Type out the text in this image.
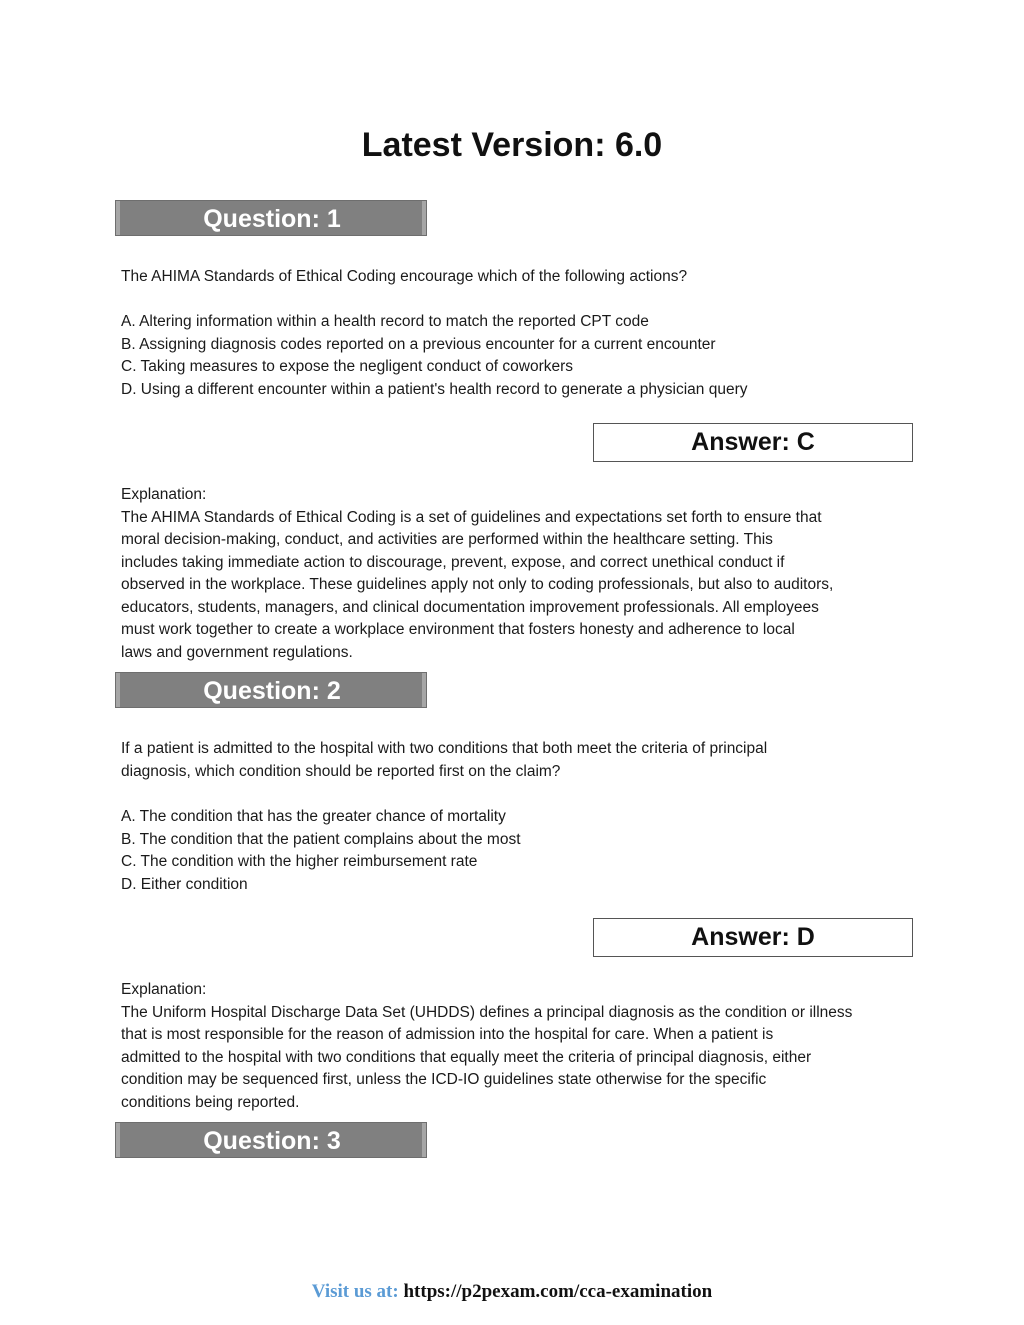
Latest Version: 6.0
Question: 1

The AHIMA Standards of Ethical Coding encourage which of the following actions?

A. Altering information within a health record to match the reported CPT code

B. Assigning diagnosis codes reported on a previous encounter for a current encounter

C. Taking measures to expose the negligent conduct of coworkers

D. Using a different encounter within a patient's health record to generate a physician query

Answer: C

Explanation:

The AHIMA Standards of Ethical Coding is a set of guidelines and expectations set forth to ensure that

moral decision-making, conduct, and activities are performed within the healthcare setting. This

includes taking immediate action to discourage, prevent, expose, and correct unethical conduct if

observed in the workplace. These guidelines apply not only to coding professionals, but also to auditors,

educators, students, managers, and clinical documentation improvement professionals. All employees

must work together to create a workplace environment that fosters honesty and adherence to local

laws and government regulations.

Question: 2

If a patient is admitted to the hospital with two conditions that both meet the criteria of principal

diagnosis, which condition should be reported first on the claim?

A. The condition that has the greater chance of mortality

B. The condition that the patient complains about the most

C. The condition with the higher reimbursement rate

D. Either condition

Answer: D

Explanation:

The Uniform Hospital Discharge Data Set (UHDDS) defines a principal diagnosis as the condition or illness

that is most responsible for the reason of admission into the hospital for care. When a patient is

admitted to the hospital with two conditions that equally meet the criteria of principal diagnosis, either

condition may be sequenced first, unless the ICD-IO guidelines state otherwise for the specific

conditions being reported.

Question: 3
Visit us at: https://p2pexam.com/cca-examination
